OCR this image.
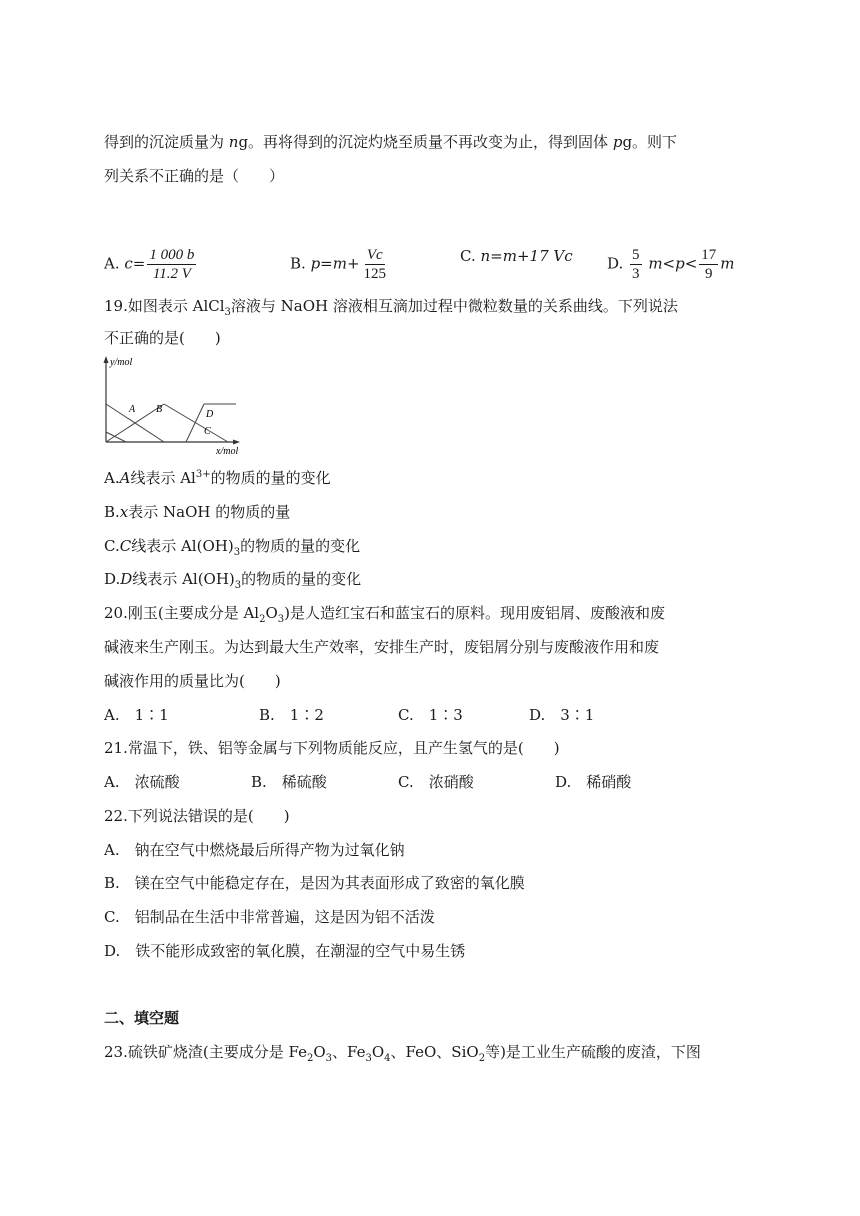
得到的沉淀质量为 ng。再将得到的沉淀灼烧至质量不再改变为止，得到固体 pg。则下
列关系不正确的是（　　）
A. $c= \frac{1 000 b}{11.2 V}$	B. $p=m+ \frac{Vc}{125}$	C. n=m+17 Vc D. $\frac{5}{3} m<p< \frac{17}{9}$ m
19.如图表示 AlCl$_3$溶液与 NaOH 溶液相互滴加过程中微粒数量的关系曲线。下列说法
不正确的是(　　)
y/mol
x/mol
A B	D
C
A.A线表示 $Al^{3+}$的物质的量的变化
B.x表示 NaOH 的物质的量
C.C线表示 $Al(OH)_3$的物质的量的变化
D.D线表示 $Al(OH)_3$的物质的量的变化
20.刚玉(主要成分是 $Al_2O_3$)是人造红宝石和蓝宝石的原料。现用废铝屑、废酸液和废
碱液来生产刚玉。为达到最大生产效率，安排生产时，废铝屑分别与废酸液作用和废
碱液作用的质量比为(　　)
A.　1∶1	B.　1∶2	C.　1∶3	D.　3∶1
21.常温下，铁、铝等金属与下列物质能反应，且产生氢气的是(　　)
A.　浓硫酸	B.　稀硫酸	C.　浓硝酸	D.　稀硝酸
22.下列说法错误的是(　　)
A.　钠在空气中燃烧最后所得产物为过氧化钠
B.　镁在空气中能稳定存在，是因为其表面形成了致密的氧化膜
C.　铝制品在生活中非常普遍，这是因为铝不活泼
D.　铁不能形成致密的氧化膜，在潮湿的空气中易生锈
二、填空题
23.硫铁矿烧渣(主要成分是 $Fe_2O_3$、$Fe_3O_4$、FeO、SiO$_2$等)是工业生产硫酸的废渣，下图
